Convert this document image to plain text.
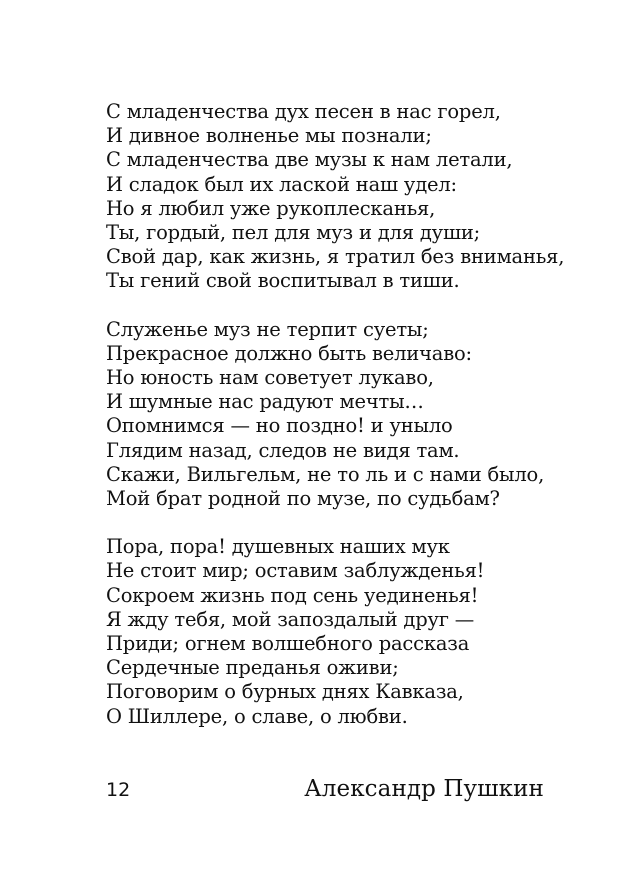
С младенчества дух песен в нас горел,
И дивное волненье мы познали;
С младенчества две музы к нам летали,
И сладок был их лаской наш удел:
Но я любил уже рукоплесканья,
Ты, гордый, пел для муз и для души;
Свой дар, как жизнь, я тратил без вниманья,
Ты гений свой воспитывал в тиши.
Служенье муз не терпит суеты;
Прекрасное должно быть величаво:
Но юность нам советует лукаво,
И шумные нас радуют мечты…
Опомнимся — но поздно! и уныло
Глядим назад, следов не видя там.
Скажи, Вильгельм, не то ль и с нами было,
Мой брат родной по музе, по судьбам?
Пора, пора! душевных наших мук
Не стоит мир; оставим заблужденья!
Сокроем жизнь под сень уединенья!
Я жду тебя, мой запоздалый друг —
Приди; огнем волшебного рассказа
Сердечные преданья оживи;
Поговорим о бурных днях Кавказа,
О Шиллере, о славе, о любви.
12	Александр Пушкин
